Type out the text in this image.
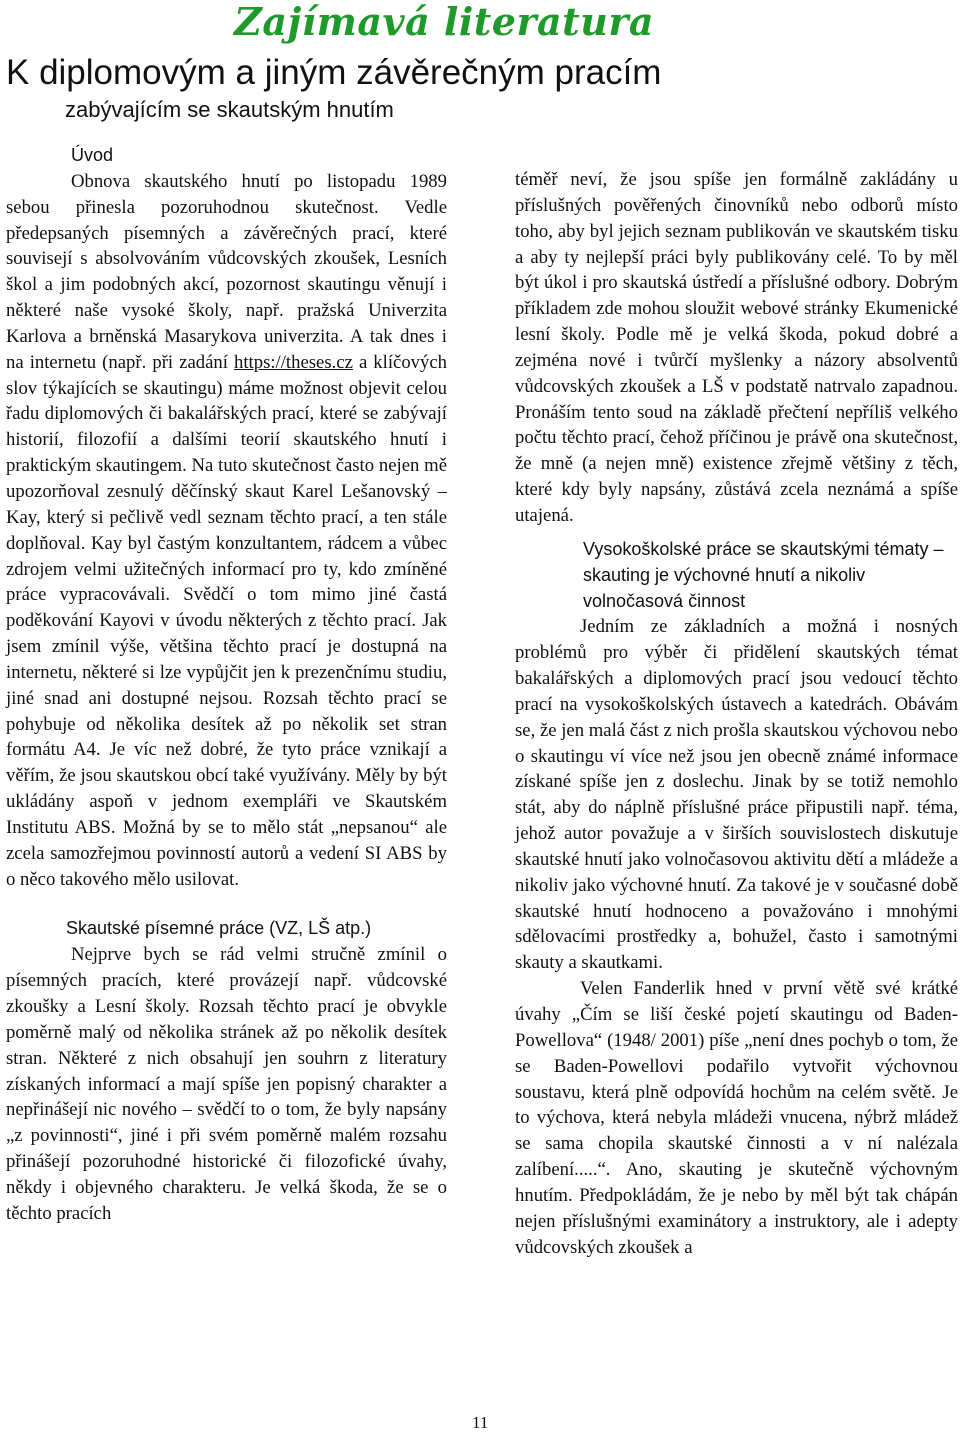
Zajímavá literatura
K diplomovým a jiným závěrečným pracím
zabývajícím se skautským hnutím

Úvod

Obnova skautského hnutí po listopadu 1989 sebou přinesla pozoruhodnou skutečnost. Vedle předepsaných písemných a závěrečných prací, které souvisejí s absolvováním vůdcovských zkoušek, Lesních škol a jim podobných akcí, pozornost skautingu věnují i některé naše vysoké školy, např. pražská Univerzita Karlova a brněnská Masarykova univerzita. A tak dnes i na internetu (např. při zadání https://theses.cz a klíčových slov týkajících se skautingu) máme možnost objevit celou řadu diplomových či bakalářských prací, které se zabývají historií, filozofií a dalšími teorií skautského hnutí i praktickým skautingem. Na tuto skutečnost často nejen mě upozorňoval zesnulý děčínský skaut Karel Lešanovský – Kay, který si pečlivě vedl seznam těchto prací, a ten stále doplňoval. Kay byl častým konzultantem, rádcem a vůbec zdrojem velmi užitečných informací pro ty, kdo zmíněné práce vypracovávali. Svědčí o tom mimo jiné častá poděkování Kayovi v úvodu některých z těchto prací. Jak jsem zmínil výše, většina těchto prací je dostupná na internetu, některé si lze vypůjčit jen k prezenčnímu studiu, jiné snad ani dostupné nejsou. Rozsah těchto prací se pohybuje od několika desítek až po několik set stran formátu A4. Je víc než dobré, že tyto práce vznikají a věřím, že jsou skautskou obcí také využívány. Měly by být ukládány aspoň v jednom exempláři ve Skautském Institutu ABS. Možná by se to mělo stát „nepsanou“ ale zcela samozřejmou povinností autorů a vedení SI ABS by o něco takového mělo usilovat.

Skautské písemné práce (VZ, LŠ atp.)

Nejprve bych se rád velmi stručně zmínil o písemných pracích, které provázejí např. vůdcovské zkoušky a Lesní školy. Rozsah těchto prací je obvykle poměrně malý od několika stránek až po několik desítek stran. Některé z nich obsahují jen souhrn z literatury získaných informací a mají spíše jen popisný charakter a nepřinášejí nic nového – svědčí to o tom, že byly napsány „z povinnosti“, jiné i při svém poměrně malém rozsahu přinášejí pozoruhodné historické či filozofické úvahy, někdy i objevného charakteru. Je velká škoda, že se o těchto pracích

téměř neví, že jsou spíše jen formálně zakládány u příslušných pověřených činovníků nebo odborů místo toho, aby byl jejich seznam publikován ve skautském tisku a aby ty nejlepší práci byly publikovány celé. To by měl být úkol i pro skautská ústředí a příslušné odbory. Dobrým příkladem zde mohou sloužit webové stránky Ekumenické lesní školy. Podle mě je velká škoda, pokud dobré a zejména nové i tvůrčí myšlenky a názory absolventů vůdcovských zkoušek a LŠ v podstatě natrvalo zapadnou. Pronáším tento soud na základě přečtení nepříliš velkého počtu těchto prací, čehož příčinou je právě ona skutečnost, že mně (a nejen mně) existence zřejmě většiny z těch, které kdy byly napsány, zůstává zcela neznámá a spíše utajená.

Vysokoškolské práce se skautskými tématy – skauting je výchovné hnutí a nikoliv volnočasová činnost

Jedním ze základních a možná i nosných problémů pro výběr či přidělení skautských témat bakalářských a diplomových prací jsou vedoucí těchto prací na vysokoškolských ústavech a katedrách. Obávám se, že jen malá část z nich prošla skautskou výchovou nebo o skautingu ví více než jsou jen obecně známé informace získané spíše jen z doslechu. Jinak by se totiž nemohlo stát, aby do náplně příslušné práce připustili např. téma, jehož autor považuje a v širších souvislostech diskutuje skautské hnutí jako volnočasovou aktivitu dětí a mládeže a nikoliv jako výchovné hnutí. Za takové je v současné době skautské hnutí hodnoceno a považováno i mnohými sdělovacími prostředky a, bohužel, často i samotnými skauty a skautkami.

Velen Fanderlik hned v první větě své krátké úvahy „Čím se liší české pojetí skautingu od Baden-Powellova“ (1948/ 2001) píše „není dnes pochyb o tom, že se Baden-Powellovi podařilo vytvořit výchovnou soustavu, která plně odpovídá hochům na celém světě. Je to výchova, která nebyla mládeži vnucena, nýbrž mládež se sama chopila skautské činnosti a v ní nalézala zalíbení.....“. Ano, skauting je skutečně výchovným hnutím. Předpokládám, že je nebo by měl být tak chápán nejen příslušnými examinátory a instruktory, ale i adepty vůdcovských zkoušek a

11
